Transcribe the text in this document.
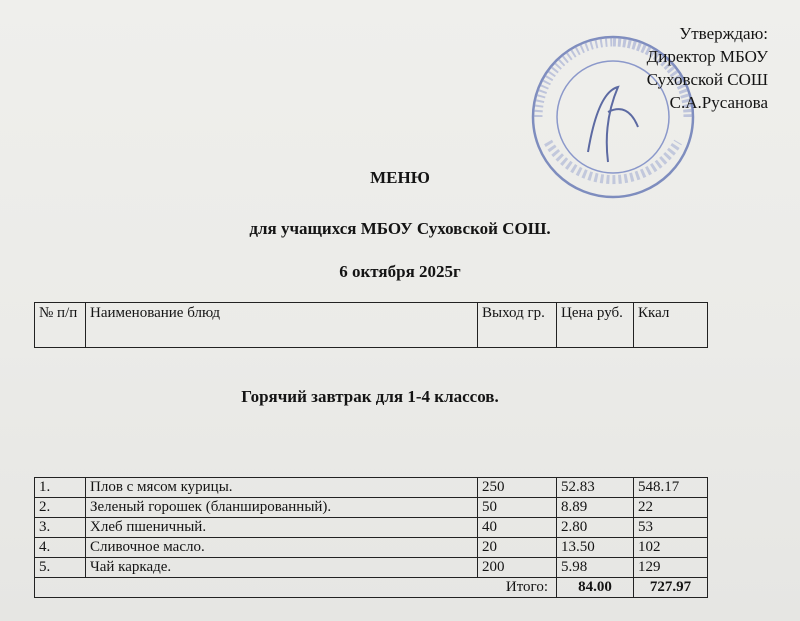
Утверждаю:
Директор МБОУ
Суховской СОШ
С.А.Русанова
МЕНЮ
для учащихся МБОУ Суховской СОШ.
6 октября 2025г
№ п/п	Наименование блюд	Выход гр.	Цена руб.	Ккал
Горячий завтрак для 1-4 классов.
1.	Плов с мясом курицы.	250	52.83	548.17
2.	Зеленый горошек (бланшированный).	50	8.89	22
3.	Хлеб пшеничный.	40	2.80	53
4.	Сливочное масло.	20	13.50	102
5.	Чай каркаде.	200	5.98	129
Итого:			84.00	727.97
